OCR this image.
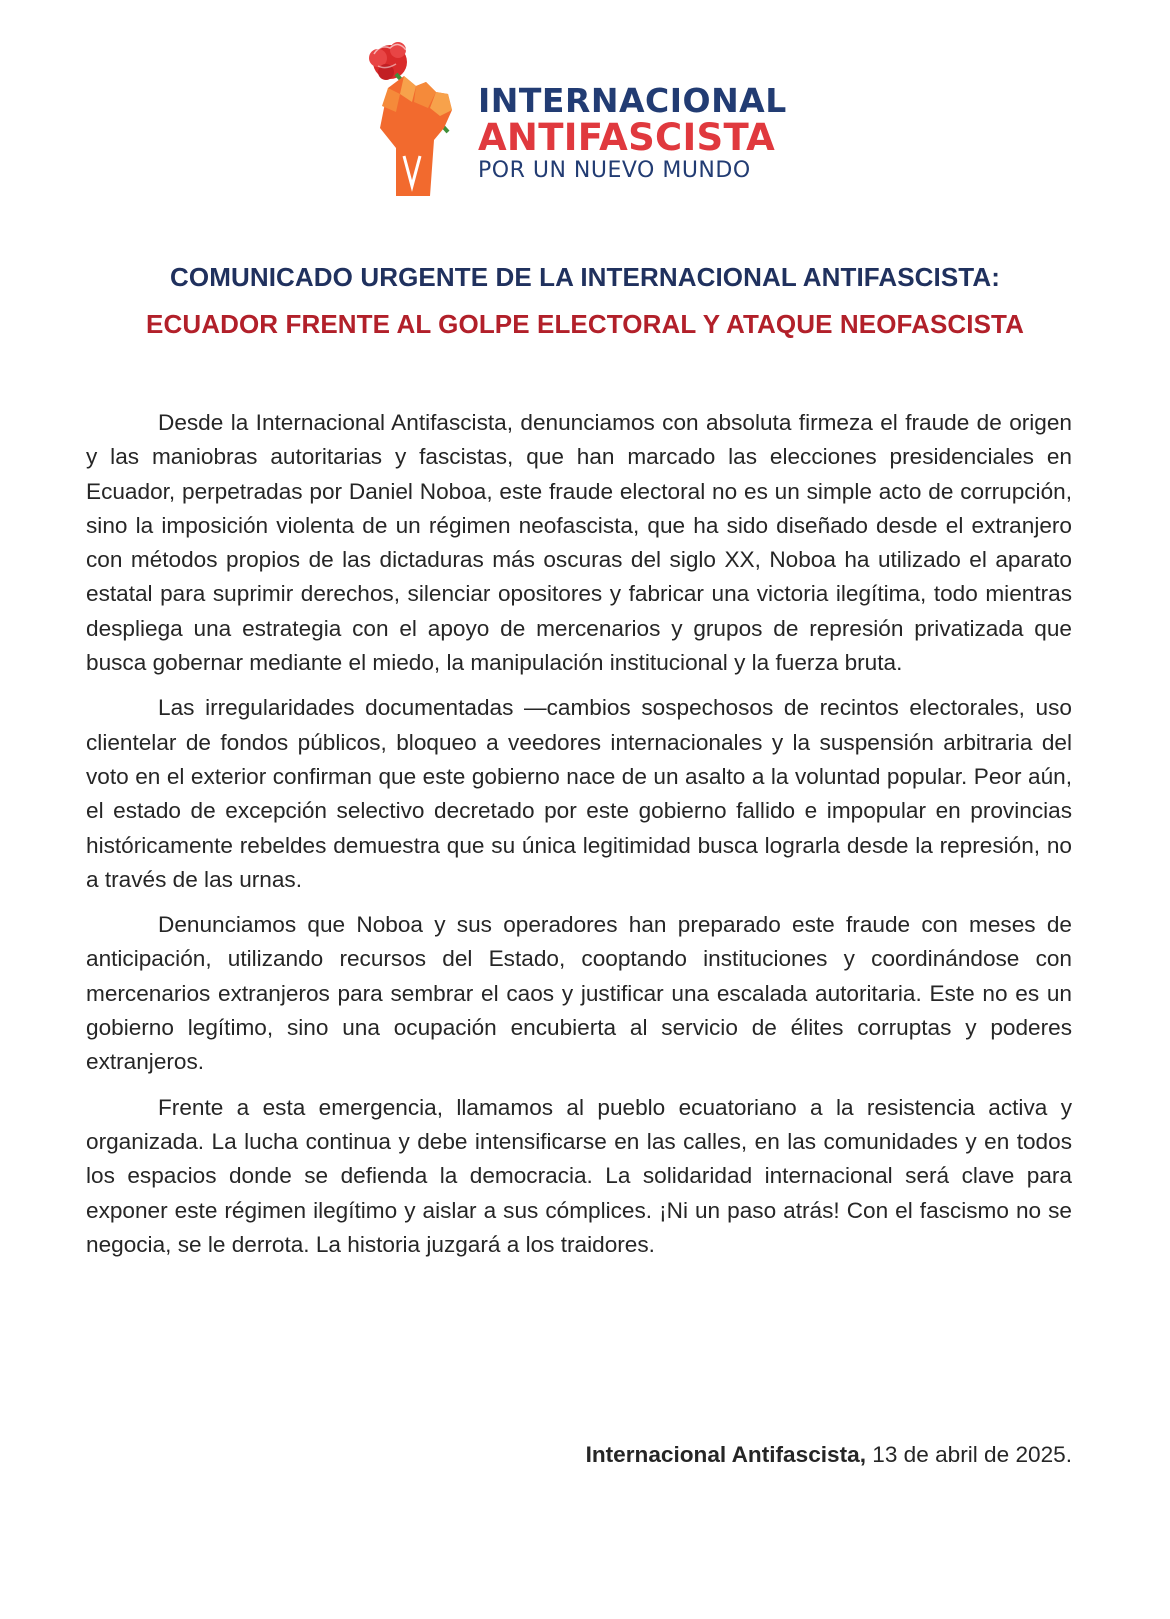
INTERNACIONAL
ANTIFASCISTA
POR UN NUEVO MUNDO
COMUNICADO URGENTE DE LA INTERNACIONAL ANTIFASCISTA:
ECUADOR FRENTE AL GOLPE ELECTORAL Y ATAQUE NEOFASCISTA

Desde la Internacional Antifascista, denunciamos con absoluta firmeza el fraude de origen y las maniobras autoritarias y fascistas, que han marcado las elecciones presidenciales en Ecuador, perpetradas por Daniel Noboa, este fraude electoral no es un simple acto de corrupción, sino la imposición violenta de un régimen neofascista, que ha sido diseñado desde el extranjero con métodos propios de las dictaduras más oscuras del siglo XX, Noboa ha utilizado el aparato estatal para suprimir derechos, silenciar opositores y fabricar una victoria ilegítima, todo mientras despliega una estrategia con el apoyo de mercenarios y grupos de represión privatizada que busca gobernar mediante el miedo, la manipulación institucional y la fuerza bruta.

Las irregularidades documentadas —cambios sospechosos de recintos electorales, uso clientelar de fondos públicos, bloqueo a veedores internacionales y la suspensión arbitraria del voto en el exterior confirman que este gobierno nace de un asalto a la voluntad popular. Peor aún, el estado de excepción selectivo decretado por este gobierno fallido e impopular en provincias históricamente rebeldes demuestra que su única legitimidad busca lograrla desde la represión, no a través de las urnas.

Denunciamos que Noboa y sus operadores han preparado este fraude con meses de anticipación, utilizando recursos del Estado, cooptando instituciones y coordinándose con mercenarios extranjeros para sembrar el caos y justificar una escalada autoritaria. Este no es un gobierno legítimo, sino una ocupación encubierta al servicio de élites corruptas y poderes extranjeros.

Frente a esta emergencia, llamamos al pueblo ecuatoriano a la resistencia activa y organizada. La lucha continua y debe intensificarse en las calles, en las comunidades y en todos los espacios donde se defienda la democracia. La solidaridad internacional será clave para exponer este régimen ilegítimo y aislar a sus cómplices. ¡Ni un paso atrás! Con el fascismo no se negocia, se le derrota. La historia juzgará a los traidores.

Internacional Antifascista, 13 de abril de 2025.
